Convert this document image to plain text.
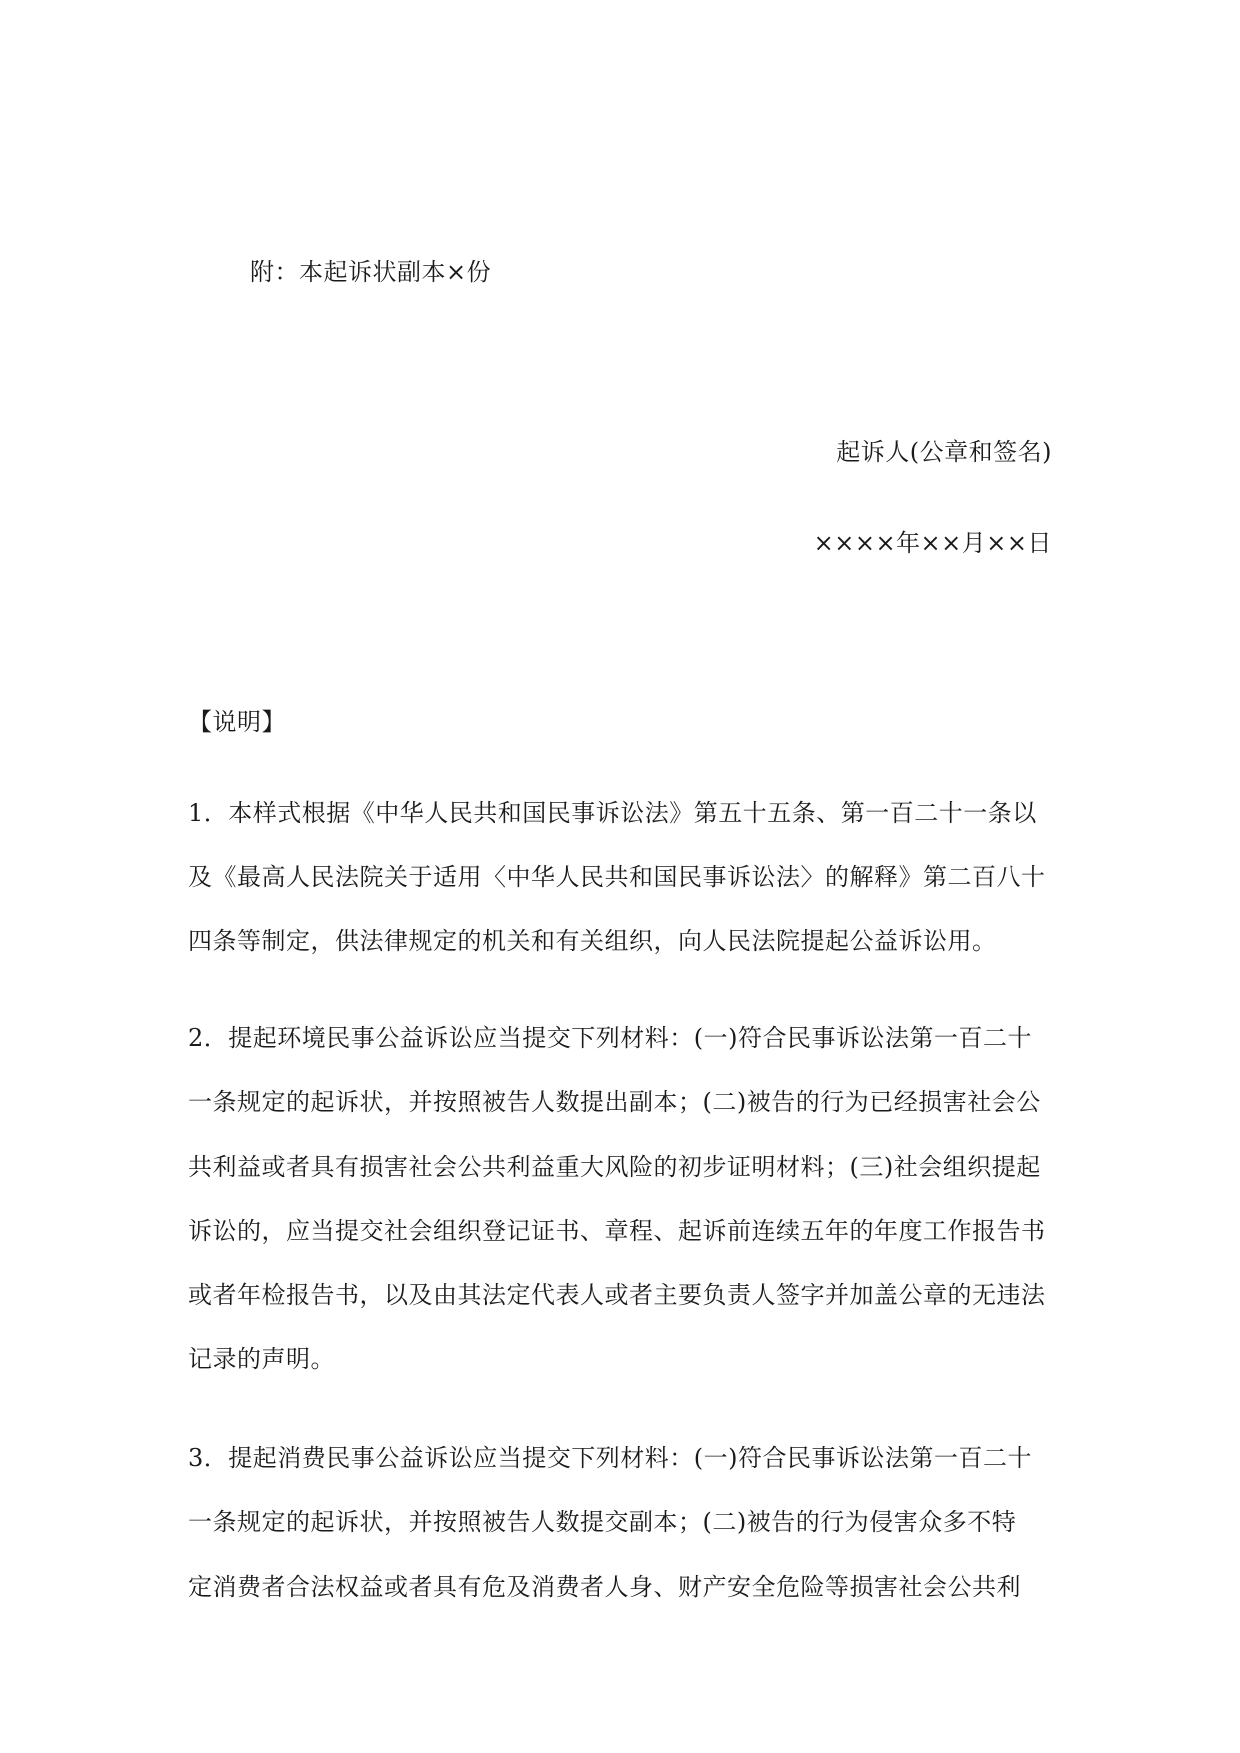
附：本起诉状副本×份
起诉人(公章和签名)
××××年××月××日
【说明】
1．本样式根据《中华人民共和国民事诉讼法》第五十五条、第一百二十一条以
及《最高人民法院关于适用〈中华人民共和国民事诉讼法〉的解释》第二百八十
四条等制定，供法律规定的机关和有关组织，向人民法院提起公益诉讼用。
2．提起环境民事公益诉讼应当提交下列材料：(一)符合民事诉讼法第一百二十
一条规定的起诉状，并按照被告人数提出副本；(二)被告的行为已经损害社会公
共利益或者具有损害社会公共利益重大风险的初步证明材料；(三)社会组织提起
诉讼的，应当提交社会组织登记证书、章程、起诉前连续五年的年度工作报告书
或者年检报告书，以及由其法定代表人或者主要负责人签字并加盖公章的无违法
记录的声明。
3．提起消费民事公益诉讼应当提交下列材料：(一)符合民事诉讼法第一百二十
一条规定的起诉状，并按照被告人数提交副本；(二)被告的行为侵害众多不特
定消费者合法权益或者具有危及消费者人身、财产安全危险等损害社会公共利
